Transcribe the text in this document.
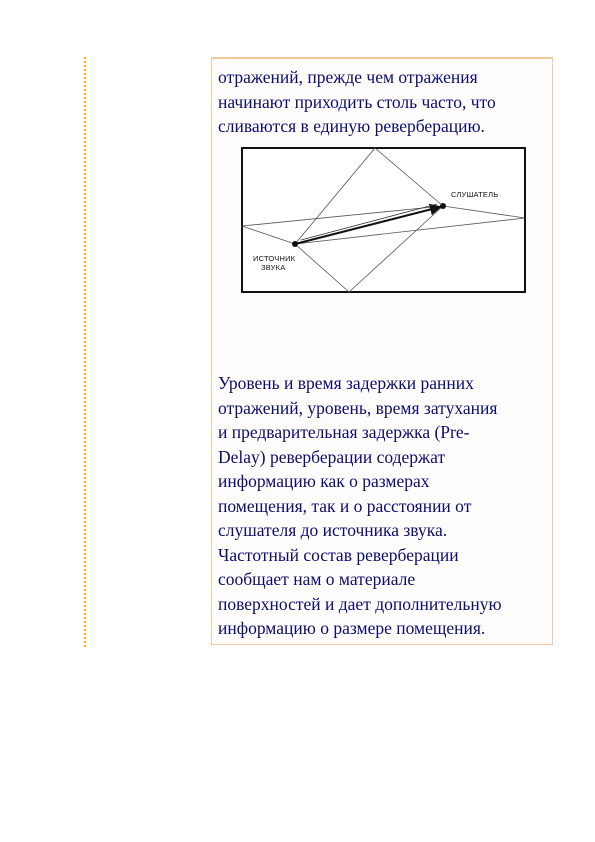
отражений, прежде чем отражения
начинают приходить столь часто, что
сливаются в единую реверберацию.

СЛУШАТЕЛЬ
ИСТОЧНИК
ЗВУКА

Уровень и время задержки ранних
отражений, уровень, время затухания
и предварительная задержка (Pre-
Delay) реверберации содержат
информацию как о размерах
помещения, так и о расстоянии от
слушателя до источника звука.
Частотный состав реверберации
сообщает нам о материале
поверхностей и дает дополнительную
информацию о размере помещения.
